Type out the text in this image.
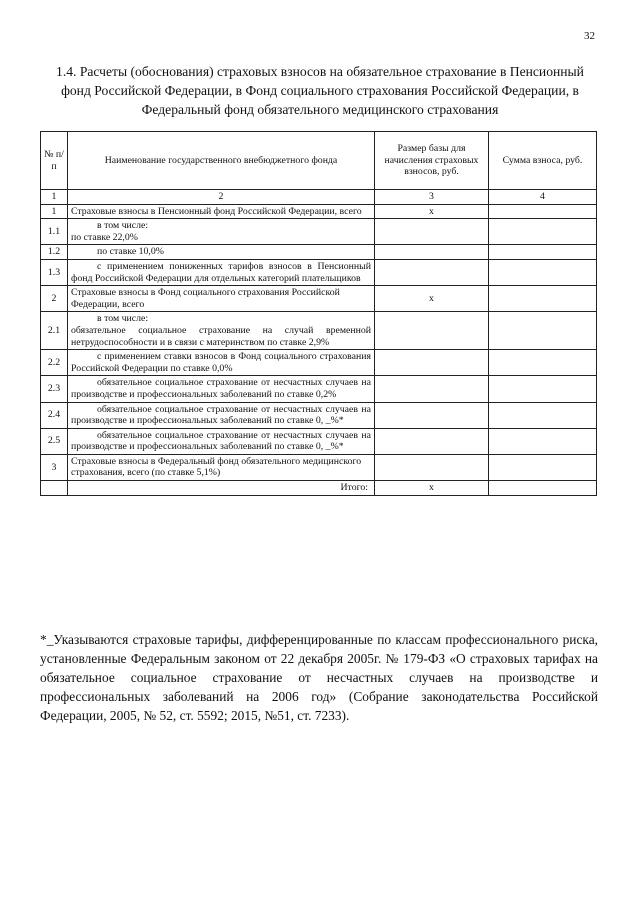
32
1.4. Расчеты (обоснования) страховых взносов на обязательное страхование в Пенсионный фонд Российской Федерации, в Фонд социального страхования Российской Федерации, в Федеральный фонд обязательного медицинского страхования
№ п/п	Наименование государственного внебюджетного фонда	Размер базы для начисления страховых взносов, руб.	Сумма взноса, руб.
1	2	3	4
1	Страховые взносы в Пенсионный фонд Российской Федерации, всего	x	
1.1	в том числе:
по ставке 22,0%		
1.2	по ставке 10,0%		
1.3	с применением пониженных тарифов взносов в Пенсионный фонд Российской Федерации для отдельных категорий плательщиков		
2	Страховые взносы в Фонд социального страхования Российской Федерации, всего	x	
2.1	в том числе:
обязательное социальное страхование на случай временной нетрудоспособности и в связи с материнством по ставке 2,9%		
2.2	с применением ставки взносов в Фонд социального страхования Российской Федерации по ставке 0,0%		
2.3	обязательное социальное страхование от несчастных случаев на производстве и профессиональных заболеваний по ставке 0,2%		
2.4	обязательное социальное страхование от несчастных случаев на производстве и профессиональных заболеваний по ставке 0, _%*		
2.5	обязательное социальное страхование от несчастных случаев на производстве и профессиональных заболеваний по ставке 0, _%*		
3	Страховые взносы в Федеральный фонд обязательного медицинского страхования, всего (по ставке 5,1%)		
	Итого:	x	
*_Указываются страховые тарифы, дифференцированные по классам профессионального риска, установленные Федеральным законом от 22 декабря 2005г. № 179-ФЗ «О страховых тарифах на обязательное социальное страхование от несчастных случаев на производстве и профессиональных заболеваний на 2006 год» (Собрание законодательства Российской Федерации, 2005, № 52, ст. 5592; 2015, №51, ст. 7233).
